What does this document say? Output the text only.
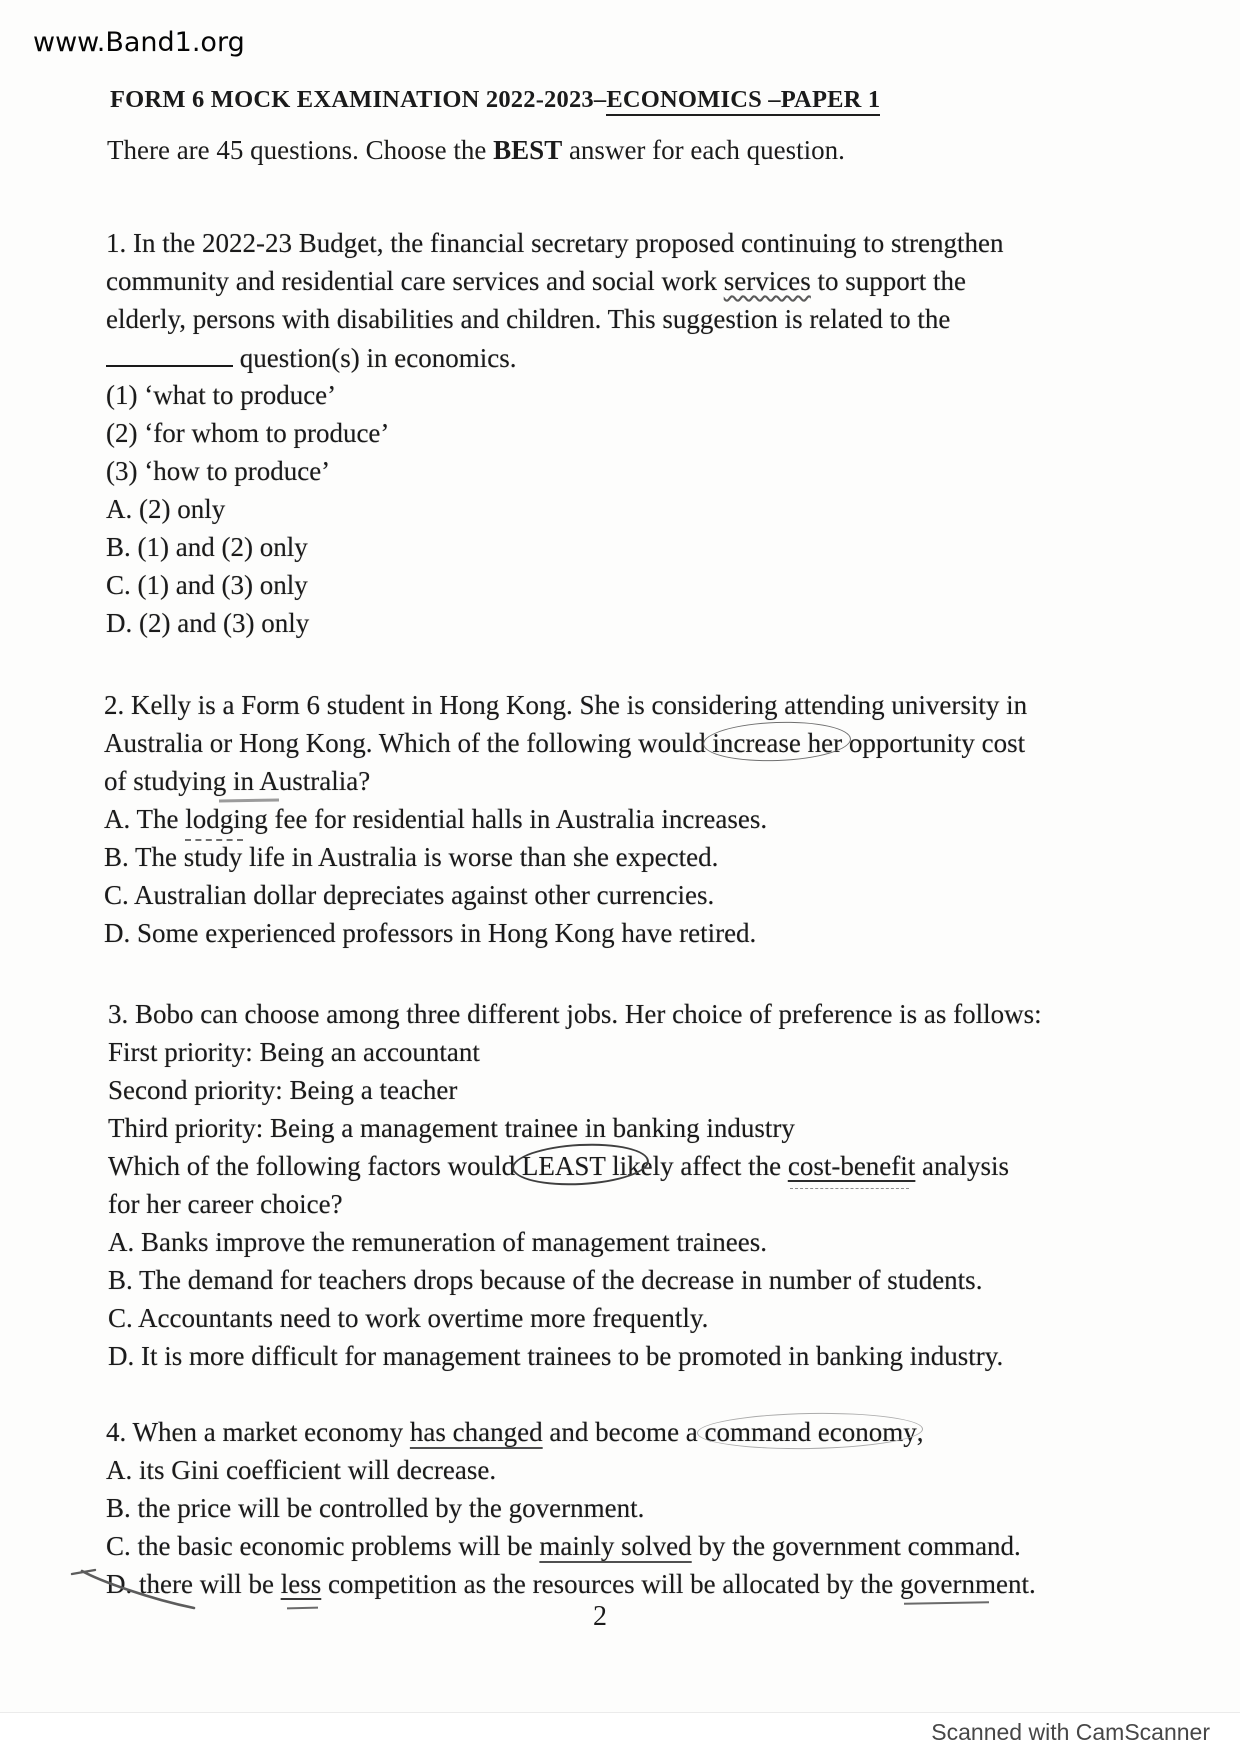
www.Band1.org
FORM 6 MOCK EXAMINATION 2022-2023–ECONOMICS –PAPER 1
There are 45 questions. Choose the BEST answer for each question.
1. In the 2022-23 Budget, the financial secretary proposed continuing to strengthen
community and residential care services and social work services to support the
elderly, persons with disabilities and children. This suggestion is related to the
question(s) in economics.
(1) ‘what to produce’
(2) ‘for whom to produce’
(3) ‘how to produce’
A. (2) only
B. (1) and (2) only
C. (1) and (3) only
D. (2) and (3) only
2. Kelly is a Form 6 student in Hong Kong. She is considering attending university in
Australia or Hong Kong. Which of the following would increase her opportunity cost
of studying in Australia?
A. The lodging fee for residential halls in Australia increases.
B. The study life in Australia is worse than she expected.
C. Australian dollar depreciates against other currencies.
D. Some experienced professors in Hong Kong have retired.
3. Bobo can choose among three different jobs. Her choice of preference is as follows:
First priority: Being an accountant
Second priority: Being a teacher
Third priority: Being a management trainee in banking industry
Which of the following factors would LEAST likely affect the cost-benefit analysis
for her career choice?
A. Banks improve the remuneration of management trainees.
B. The demand for teachers drops because of the decrease in number of students.
C. Accountants need to work overtime more frequently.
D. It is more difficult for management trainees to be promoted in banking industry.
4. When a market economy has changed and become a command economy,
A. its Gini coefficient will decrease.
B. the price will be controlled by the government.
C. the basic economic problems will be mainly solved by the government command.
D. there will be less competition as the resources will be allocated by the government.
2
Scanned with CamScanner
